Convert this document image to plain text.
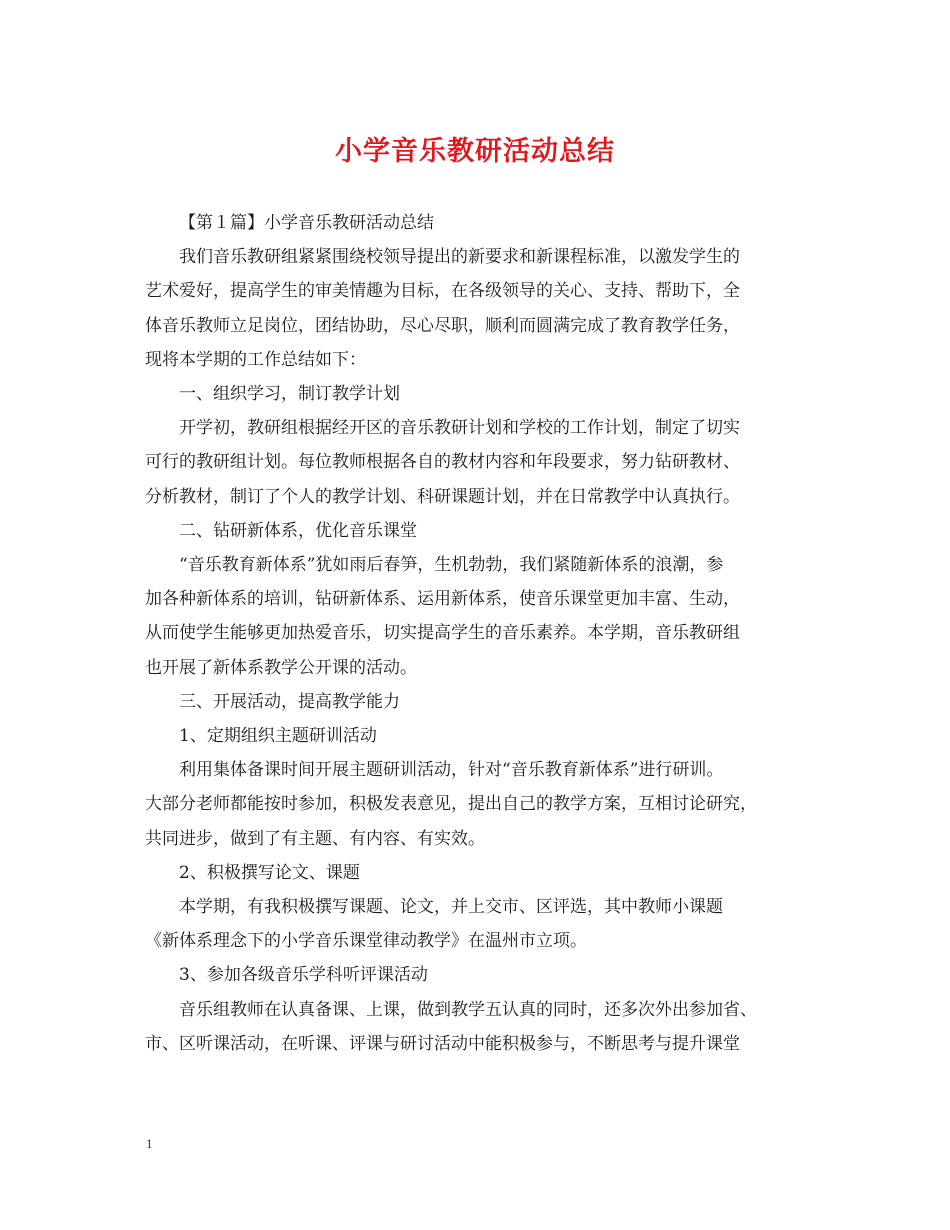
小学音乐教研活动总结
【第１篇】小学音乐教研活动总结
我们音乐教研组紧紧围绕校领导提出的新要求和新课程标准，以激发学生的
艺术爱好，提高学生的审美情趣为目标，在各级领导的关心、支持、帮助下，全
体音乐教师立足岗位，团结协助，尽心尽职，顺利而圆满完成了教育教学任务，
现将本学期的工作总结如下：
一、组织学习，制订教学计划
开学初，教研组根据经开区的音乐教研计划和学校的工作计划，制定了切实
可行的教研组计划。每位教师根据各自的教材内容和年段要求，努力钻研教材、
分析教材，制订了个人的教学计划、科研课题计划，并在日常教学中认真执行。
二、钻研新体系，优化音乐课堂
“音乐教育新体系”犹如雨后春笋，生机勃勃，我们紧随新体系的浪潮，参
加各种新体系的培训，钻研新体系、运用新体系，使音乐课堂更加丰富、生动，
从而使学生能够更加热爱音乐，切实提高学生的音乐素养。本学期，音乐教研组
也开展了新体系教学公开课的活动。
三、开展活动，提高教学能力
1、定期组织主题研训活动
利用集体备课时间开展主题研训活动，针对“音乐教育新体系”进行研训。
大部分老师都能按时参加，积极发表意见，提出自己的教学方案，互相讨论研究，
共同进步，做到了有主题、有内容、有实效。
2、积极撰写论文、课题
本学期，有我积极撰写课题、论文，并上交市、区评选，其中教师小课题
《新体系理念下的小学音乐课堂律动教学》在温州市立项。
3、参加各级音乐学科听评课活动
音乐组教师在认真备课、上课，做到教学五认真的同时，还多次外出参加省、
市、区听课活动，在听课、评课与研讨活动中能积极参与，不断思考与提升课堂
1
